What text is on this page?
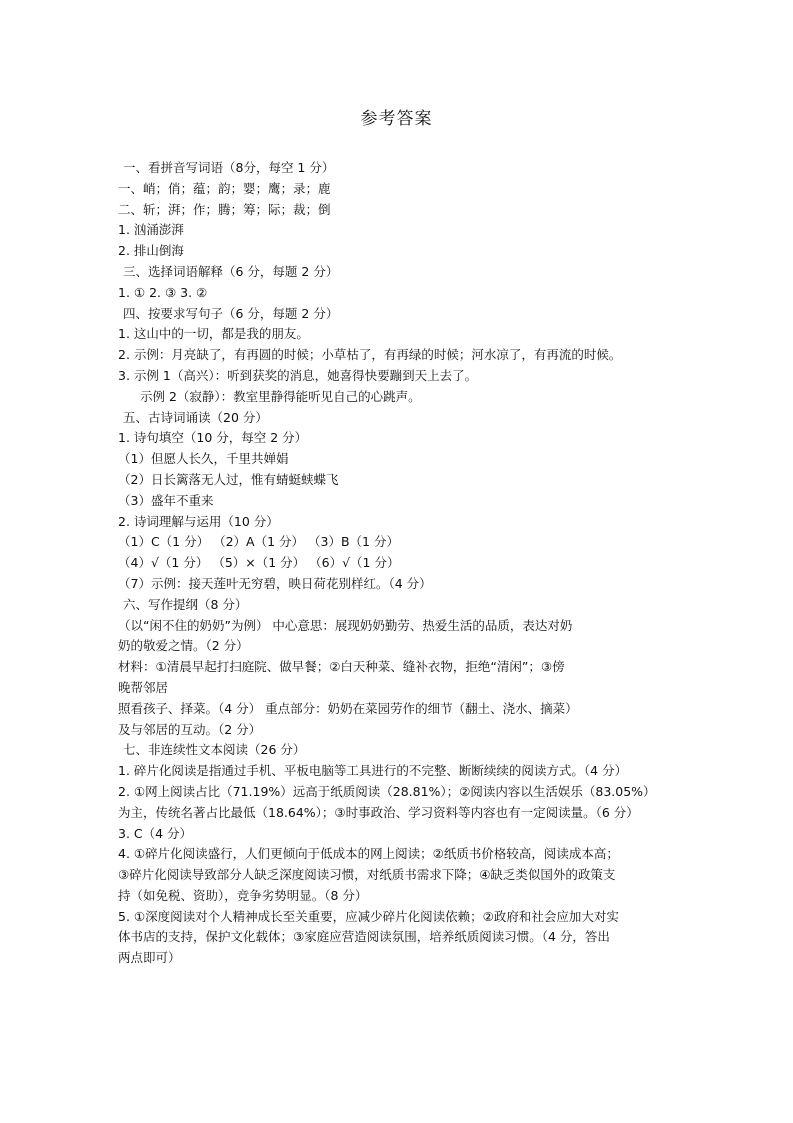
参考答案
一、看拼音写词语（8分，每空 1 分）
一、峭；俏；蕴；韵；婴；鹰；录；鹿
二、斩；湃；作；腾；筹；际；裁；倒
1. 汹涌澎湃
2. 排山倒海
三、选择词语解释（6 分，每题 2 分）
1. ① 2. ③ 3. ②
四、按要求写句子（6 分，每题 2 分）
1. 这山中的一切，都是我的朋友。
2. 示例：月亮缺了，有再圆的时候；小草枯了，有再绿的时候；河水凉了，有再流的时候。
3. 示例 1（高兴）：听到获奖的消息，她喜得快要蹦到天上去了。
示例 2（寂静）：教室里静得能听见自己的心跳声。
五、古诗词诵读（20 分）
1. 诗句填空（10 分，每空 2 分）
（1）但愿人长久，千里共婵娟
（2）日长篱落无人过，惟有蜻蜓蛱蝶飞
（3）盛年不重来
2. 诗词理解与运用（10 分）
（1）C（1 分） （2）A（1 分） （3）B（1 分）
（4）√（1 分） （5）×（1 分） （6）√（1 分）
（7）示例：接天莲叶无穷碧，映日荷花别样红。（4 分）
六、写作提纲（8 分）
（以“闲不住的奶奶”为例） 中心意思：展现奶奶勤劳、热爱生活的品质，表达对奶
奶的敬爱之情。（2 分）
材料：①清晨早起打扫庭院、做早餐；②白天种菜、缝补衣物，拒绝“清闲”；③傍
晚帮邻居
照看孩子、择菜。（4 分） 重点部分：奶奶在菜园劳作的细节（翻土、浇水、摘菜）
及与邻居的互动。（2 分）
七、非连续性文本阅读（26 分）
1. 碎片化阅读是指通过手机、平板电脑等工具进行的不完整、断断续续的阅读方式。（4 分）
2. ①网上阅读占比（71.19%）远高于纸质阅读（28.81%）；②阅读内容以生活娱乐（83.05%）
为主，传统名著占比最低（18.64%）；③时事政治、学习资料等内容也有一定阅读量。（6 分）
3. C（4 分）
4. ①碎片化阅读盛行，人们更倾向于低成本的网上阅读；②纸质书价格较高，阅读成本高；
③碎片化阅读导致部分人缺乏深度阅读习惯，对纸质书需求下降；④缺乏类似国外的政策支
持（如免税、资助），竞争劣势明显。（8 分）
5. ①深度阅读对个人精神成长至关重要，应减少碎片化阅读依赖；②政府和社会应加大对实
体书店的支持，保护文化载体；③家庭应营造阅读氛围，培养纸质阅读习惯。（4 分，答出
两点即可）
